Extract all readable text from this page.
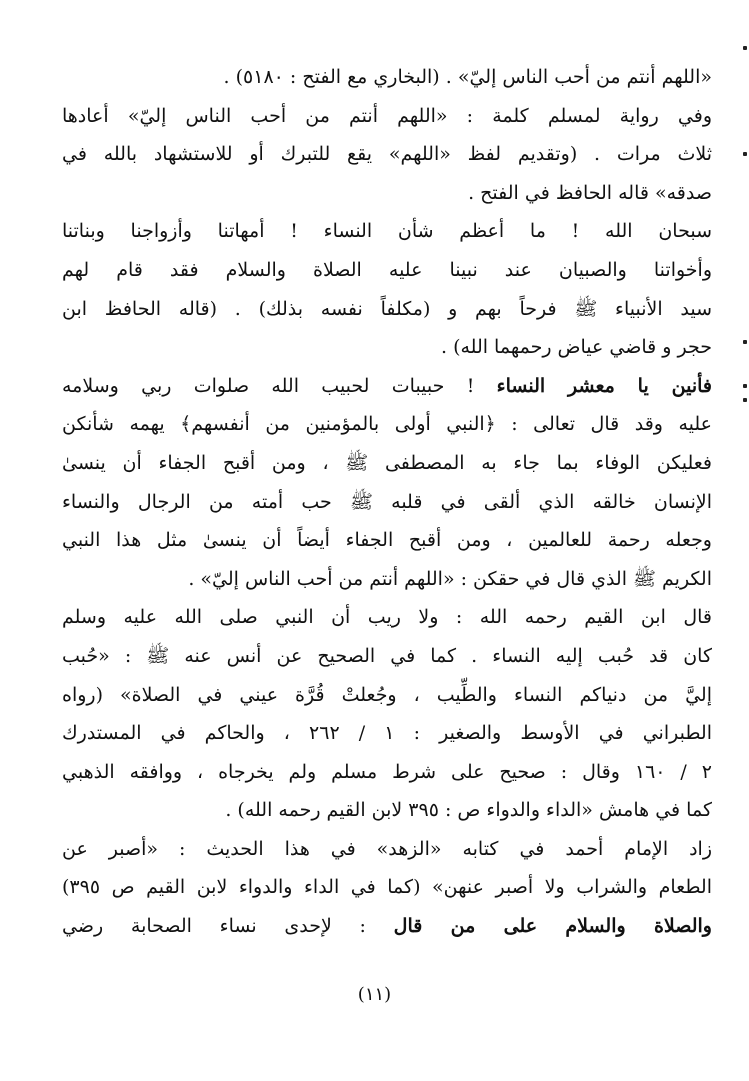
«اللهم أنتم من أحب الناس إليّ» . (البخاري مع الفتح : ٥١٨٠) .
وفي رواية لمسلم كلمة : «اللهم أنتم من أحب الناس إليّ» أعادها
ثلاث مرات . (وتقديم لفظ «اللهم» يقع للتبرك أو للاستشهاد بالله في
صدقه» قاله الحافظ في الفتح .
سبحان الله ! ما أعظم شأن النساء ! أمهاتنا وأزواجنا وبناتنا
وأخواتنا والصبيان عند نبينا عليه الصلاة والسلام فقد قام لهم
سيد الأنبياء ﷺ فرحاً بهم و (مكلفاً نفسه بذلك) . (قاله الحافظ ابن
حجر و قاضي عياض رحمهما الله) .
فأنين يا معشر النساء ! حبيبات لحبيب الله صلوات ربي وسلامه
عليه وقد قال تعالى : ﴿النبي أولى بالمؤمنين من أنفسهم﴾ يهمه شأنكن
فعليكن الوفاء بما جاء به المصطفى ﷺ ، ومن أقبح الجفاء أن ينسىٰ
الإنسان خالقه الذي ألقى في قلبه ﷺ حب أمته من الرجال والنساء
وجعله رحمة للعالمين ، ومن أقبح الجفاء أيضاً أن ينسىٰ مثل هذا النبي
الكريم ﷺ الذي قال في حقكن : «اللهم أنتم من أحب الناس إليّ» .
قال ابن القيم رحمه الله : ولا ريب أن النبي صلى الله عليه وسلم
كان قد حُبب إليه النساء . كما في الصحيح عن أنس عنه ﷺ : «حُبب
إليَّ من دنياكم النساء والطِّيب ، وجُعلتْ قُرَّة عيني في الصلاة» (رواه
الطبراني في الأوسط والصغير : ١ / ٢٦٢ ، والحاكم في المستدرك
٢ / ١٦٠ وقال : صحيح على شرط مسلم ولم يخرجاه ، ووافقه الذهبي
كما في هامش «الداء والدواء ص : ٣٩٥ لابن القيم رحمه الله) .
زاد الإمام أحمد في كتابه «الزهد» في هذا الحديث : «أصبر عن
الطعام والشراب ولا أصبر عنهن» (كما في الداء والدواء لابن القيم ص ٣٩٥)
والصلاة والسلام على من قال : لإحدى نساء الصحابة رضي
(١١)
